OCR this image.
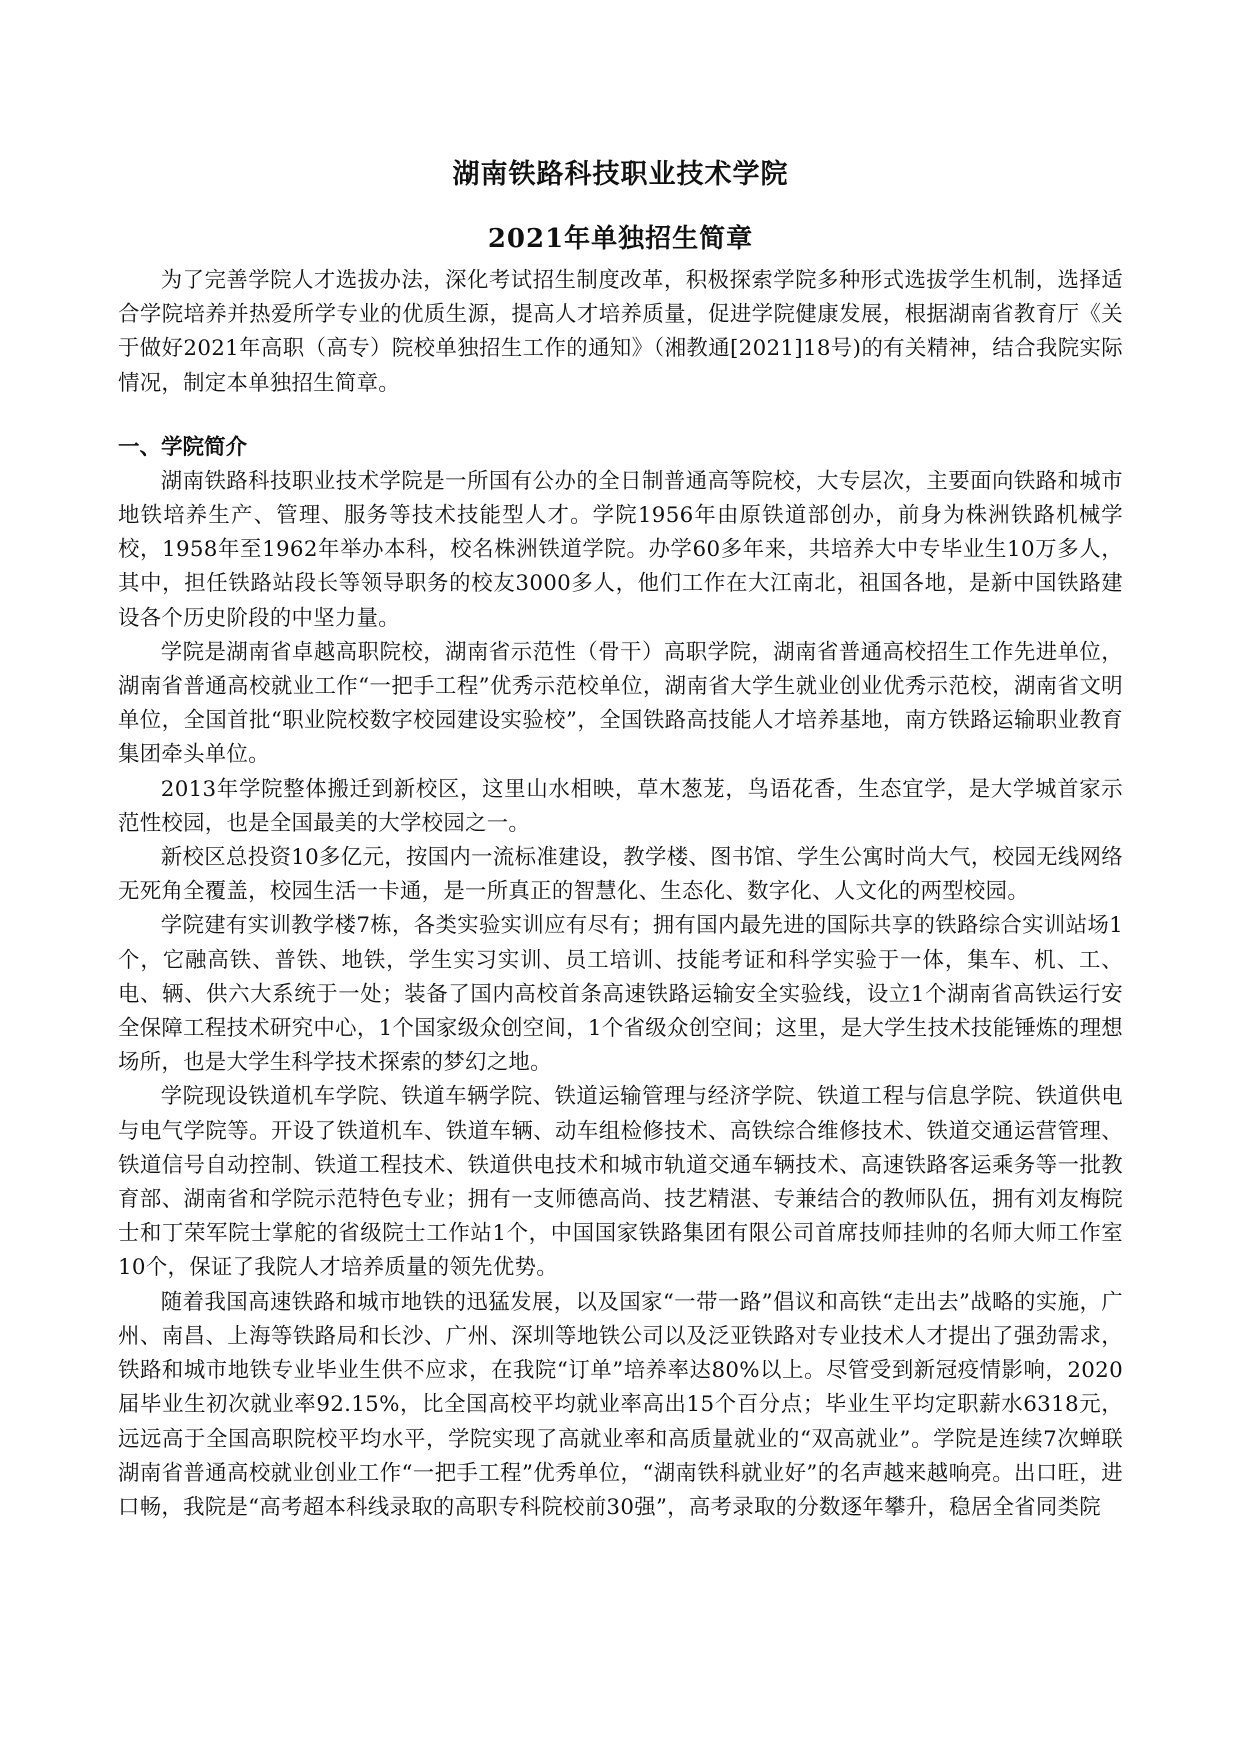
湖南铁路科技职业技术学院
2021年单独招生简章

为了完善学院人才选拔办法，深化考试招生制度改革，积极探索学院多种形式选拔学生机制，选择适合学院培养并热爱所学专业的优质生源，提高人才培养质量，促进学院健康发展，根据湖南省教育厅《关于做好2021年高职（高专）院校单独招生工作的通知》（湘教通[2021]18号)的有关精神，结合我院实际情况，制定本单独招生简章。

一、学院简介

湖南铁路科技职业技术学院是一所国有公办的全日制普通高等院校，大专层次，主要面向铁路和城市地铁培养生产、管理、服务等技术技能型人才。学院1956年由原铁道部创办，前身为株洲铁路机械学校，1958年至1962年举办本科，校名株洲铁道学院。办学60多年来，共培养大中专毕业生10万多人，其中，担任铁路站段长等领导职务的校友3000多人，他们工作在大江南北，祖国各地，是新中国铁路建设各个历史阶段的中坚力量。

学院是湖南省卓越高职院校，湖南省示范性（骨干）高职学院，湖南省普通高校招生工作先进单位，湖南省普通高校就业工作“一把手工程”优秀示范校单位，湖南省大学生就业创业优秀示范校，湖南省文明单位，全国首批“职业院校数字校园建设实验校”，全国铁路高技能人才培养基地，南方铁路运输职业教育集团牵头单位。

2013年学院整体搬迁到新校区，这里山水相映，草木葱茏，鸟语花香，生态宜学，是大学城首家示范性校园，也是全国最美的大学校园之一。

新校区总投资10多亿元，按国内一流标准建设，教学楼、图书馆、学生公寓时尚大气，校园无线网络无死角全覆盖，校园生活一卡通，是一所真正的智慧化、生态化、数字化、人文化的两型校园。

学院建有实训教学楼7栋，各类实验实训应有尽有；拥有国内最先进的国际共享的铁路综合实训站场1个，它融高铁、普铁、地铁，学生实习实训、员工培训、技能考证和科学实验于一体，集车、机、工、电、辆、供六大系统于一处；装备了国内高校首条高速铁路运输安全实验线，设立1个湖南省高铁运行安全保障工程技术研究中心，1个国家级众创空间，1个省级众创空间；这里，是大学生技术技能锤炼的理想场所，也是大学生科学技术探索的梦幻之地。

学院现设铁道机车学院、铁道车辆学院、铁道运输管理与经济学院、铁道工程与信息学院、铁道供电与电气学院等。开设了铁道机车、铁道车辆、动车组检修技术、高铁综合维修技术、铁道交通运营管理、铁道信号自动控制、铁道工程技术、铁道供电技术和城市轨道交通车辆技术、高速铁路客运乘务等一批教育部、湖南省和学院示范特色专业；拥有一支师德高尚、技艺精湛、专兼结合的教师队伍，拥有刘友梅院士和丁荣军院士掌舵的省级院士工作站1个，中国国家铁路集团有限公司首席技师挂帅的名师大师工作室10个，保证了我院人才培养质量的领先优势。

随着我国高速铁路和城市地铁的迅猛发展，以及国家“一带一路”倡议和高铁“走出去”战略的实施，广州、南昌、上海等铁路局和长沙、广州、深圳等地铁公司以及泛亚铁路对专业技术人才提出了强劲需求，铁路和城市地铁专业毕业生供不应求，在我院“订单”培养率达80%以上。尽管受到新冠疫情影响，2020届毕业生初次就业率92.15%，比全国高校平均就业率高出15个百分点；毕业生平均定职薪水6318元，远远高于全国高职院校平均水平，学院实现了高就业率和高质量就业的“双高就业”。学院是连续7次蝉联湖南省普通高校就业创业工作“一把手工程”优秀单位，“湖南铁科就业好”的名声越来越响亮。出口旺，进口畅，我院是“高考超本科线录取的高职专科院校前30强”，高考录取的分数逐年攀升，稳居全省同类院
